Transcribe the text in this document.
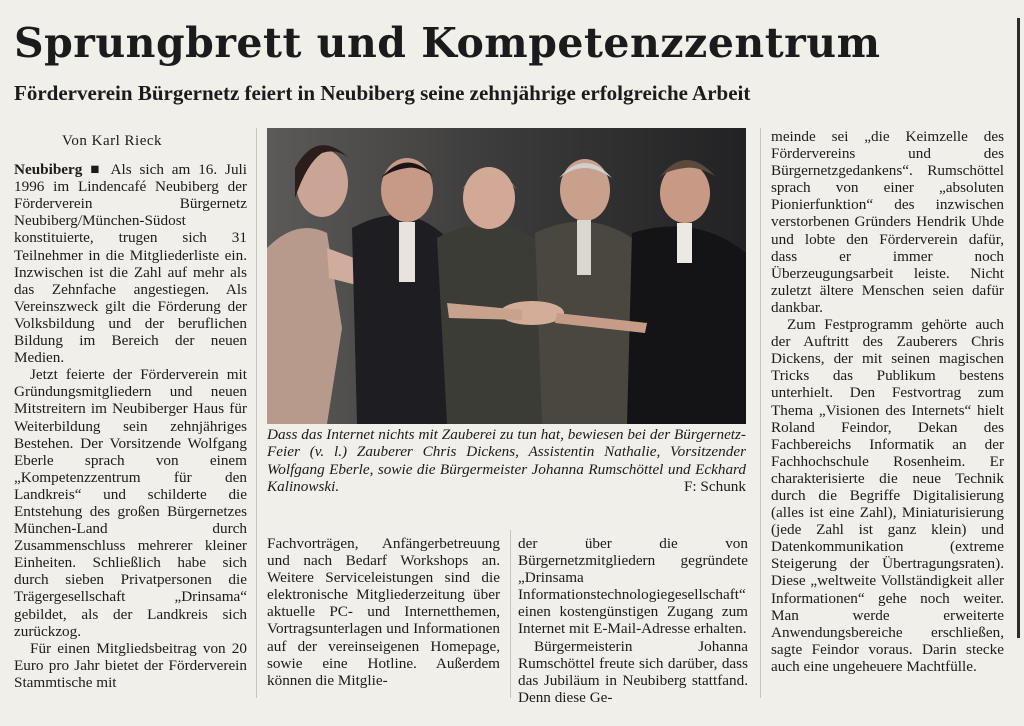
Sprungbrett und Kompetenzzentrum
Förderverein Bürgernetz feiert in Neubiberg seine zehnjährige erfolgreiche Arbeit

Von Karl Rieck

Neubiberg ■ Als sich am 16. Juli 1996 im Lindencafé Neubiberg der Förderverein Bürgernetz Neubiberg/München-Südost konstituierte, trugen sich 31 Teilnehmer in die Mitgliederliste ein. Inzwischen ist die Zahl auf mehr als das Zehnfache angestiegen. Als Vereinszweck gilt die Förderung der Volksbildung und der beruflichen Bildung im Bereich der neuen Medien.

Jetzt feierte der Förderverein mit Gründungsmitgliedern und neuen Mitstreitern im Neubiberger Haus für Weiterbildung sein zehnjähriges Bestehen. Der Vorsitzende Wolfgang Eberle sprach von einem „Kompetenzzentrum für den Landkreis“ und schilderte die Entstehung des großen Bürgernetzes München-Land durch Zusammenschluss mehrerer kleiner Einheiten. Schließlich habe sich durch sieben Privatpersonen die Trägergesellschaft „Drinsama“ gebildet, als der Landkreis sich zurückzog.

Für einen Mitgliedsbeitrag von 20 Euro pro Jahr bietet der Förderverein Stammtische mit

Dass das Internet nichts mit Zauberei zu tun hat, bewiesen bei der Bürgernetz-Feier (v. l.) Zauberer Chris Dickens, Assistentin Nathalie, Vorsitzender Wolfgang Eberle, sowie die Bürgermeister Johanna Rumschöttel und Eckhard Kalinowski.	F: Schunk

Fachvorträgen, Anfängerbetreuung und nach Bedarf Workshops an. Weitere Serviceleistungen sind die elektronische Mitgliederzeitung über aktuelle PC- und Internetthemen, Vortragsunterlagen und Informationen auf der vereinseigenen Homepage, sowie eine Hotline. Außerdem können die Mitglie-

der über die von Bürgernetzmitgliedern gegründete „Drinsama Informationstechnologiegesellschaft“ einen kostengünstigen Zugang zum Internet mit E-Mail-Adresse erhalten.

Bürgermeisterin Johanna Rumschöttel freute sich darüber, dass das Jubiläum in Neubiberg stattfand. Denn diese Ge-

meinde sei „die Keimzelle des Fördervereins und des Bürgernetzgedankens“. Rumschöttel sprach von einer „absoluten Pionierfunktion“ des inzwischen verstorbenen Gründers Hendrik Uhde und lobte den Förderverein dafür, dass er immer noch Überzeugungsarbeit leiste. Nicht zuletzt ältere Menschen seien dafür dankbar.

Zum Festprogramm gehörte auch der Auftritt des Zauberers Chris Dickens, der mit seinen magischen Tricks das Publikum bestens unterhielt. Den Festvortrag zum Thema „Visionen des Internets“ hielt Roland Feindor, Dekan des Fachbereichs Informatik an der Fachhochschule Rosenheim. Er charakterisierte die neue Technik durch die Begriffe Digitalisierung (alles ist eine Zahl), Miniaturisierung (jede Zahl ist ganz klein) und Datenkommunikation (extreme Steigerung der Übertragungsraten). Diese „weltweite Vollständigkeit aller Informationen“ gehe noch weiter. Man werde erweiterte Anwendungsbereiche erschließen, sagte Feindor voraus. Darin stecke auch eine ungeheuere Machtfülle.
